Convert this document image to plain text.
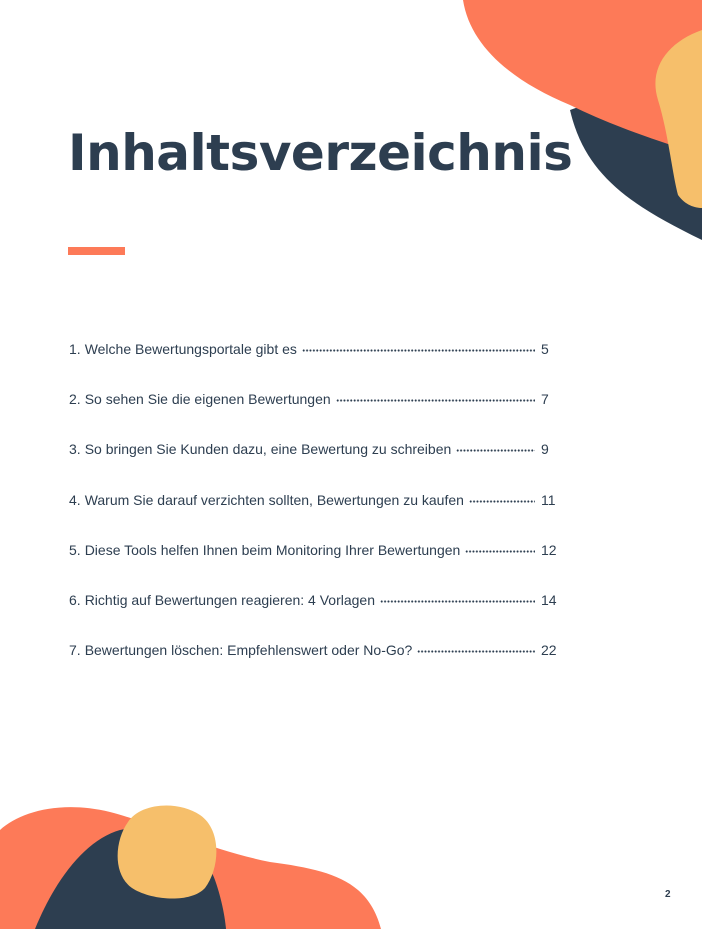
Inhaltsverzeichnis
1. Welche Bewertungsportale gibt es	5
2. So sehen Sie die eigenen Bewertungen	7
3. So bringen Sie Kunden dazu, eine Bewertung zu schreiben	9
4. Warum Sie darauf verzichten sollten, Bewertungen zu kaufen	11
5. Diese Tools helfen Ihnen beim Monitoring Ihrer Bewertungen	12
6. Richtig auf Bewertungen reagieren: 4 Vorlagen	14
7. Bewertungen löschen: Empfehlenswert oder No-Go?	22
2
